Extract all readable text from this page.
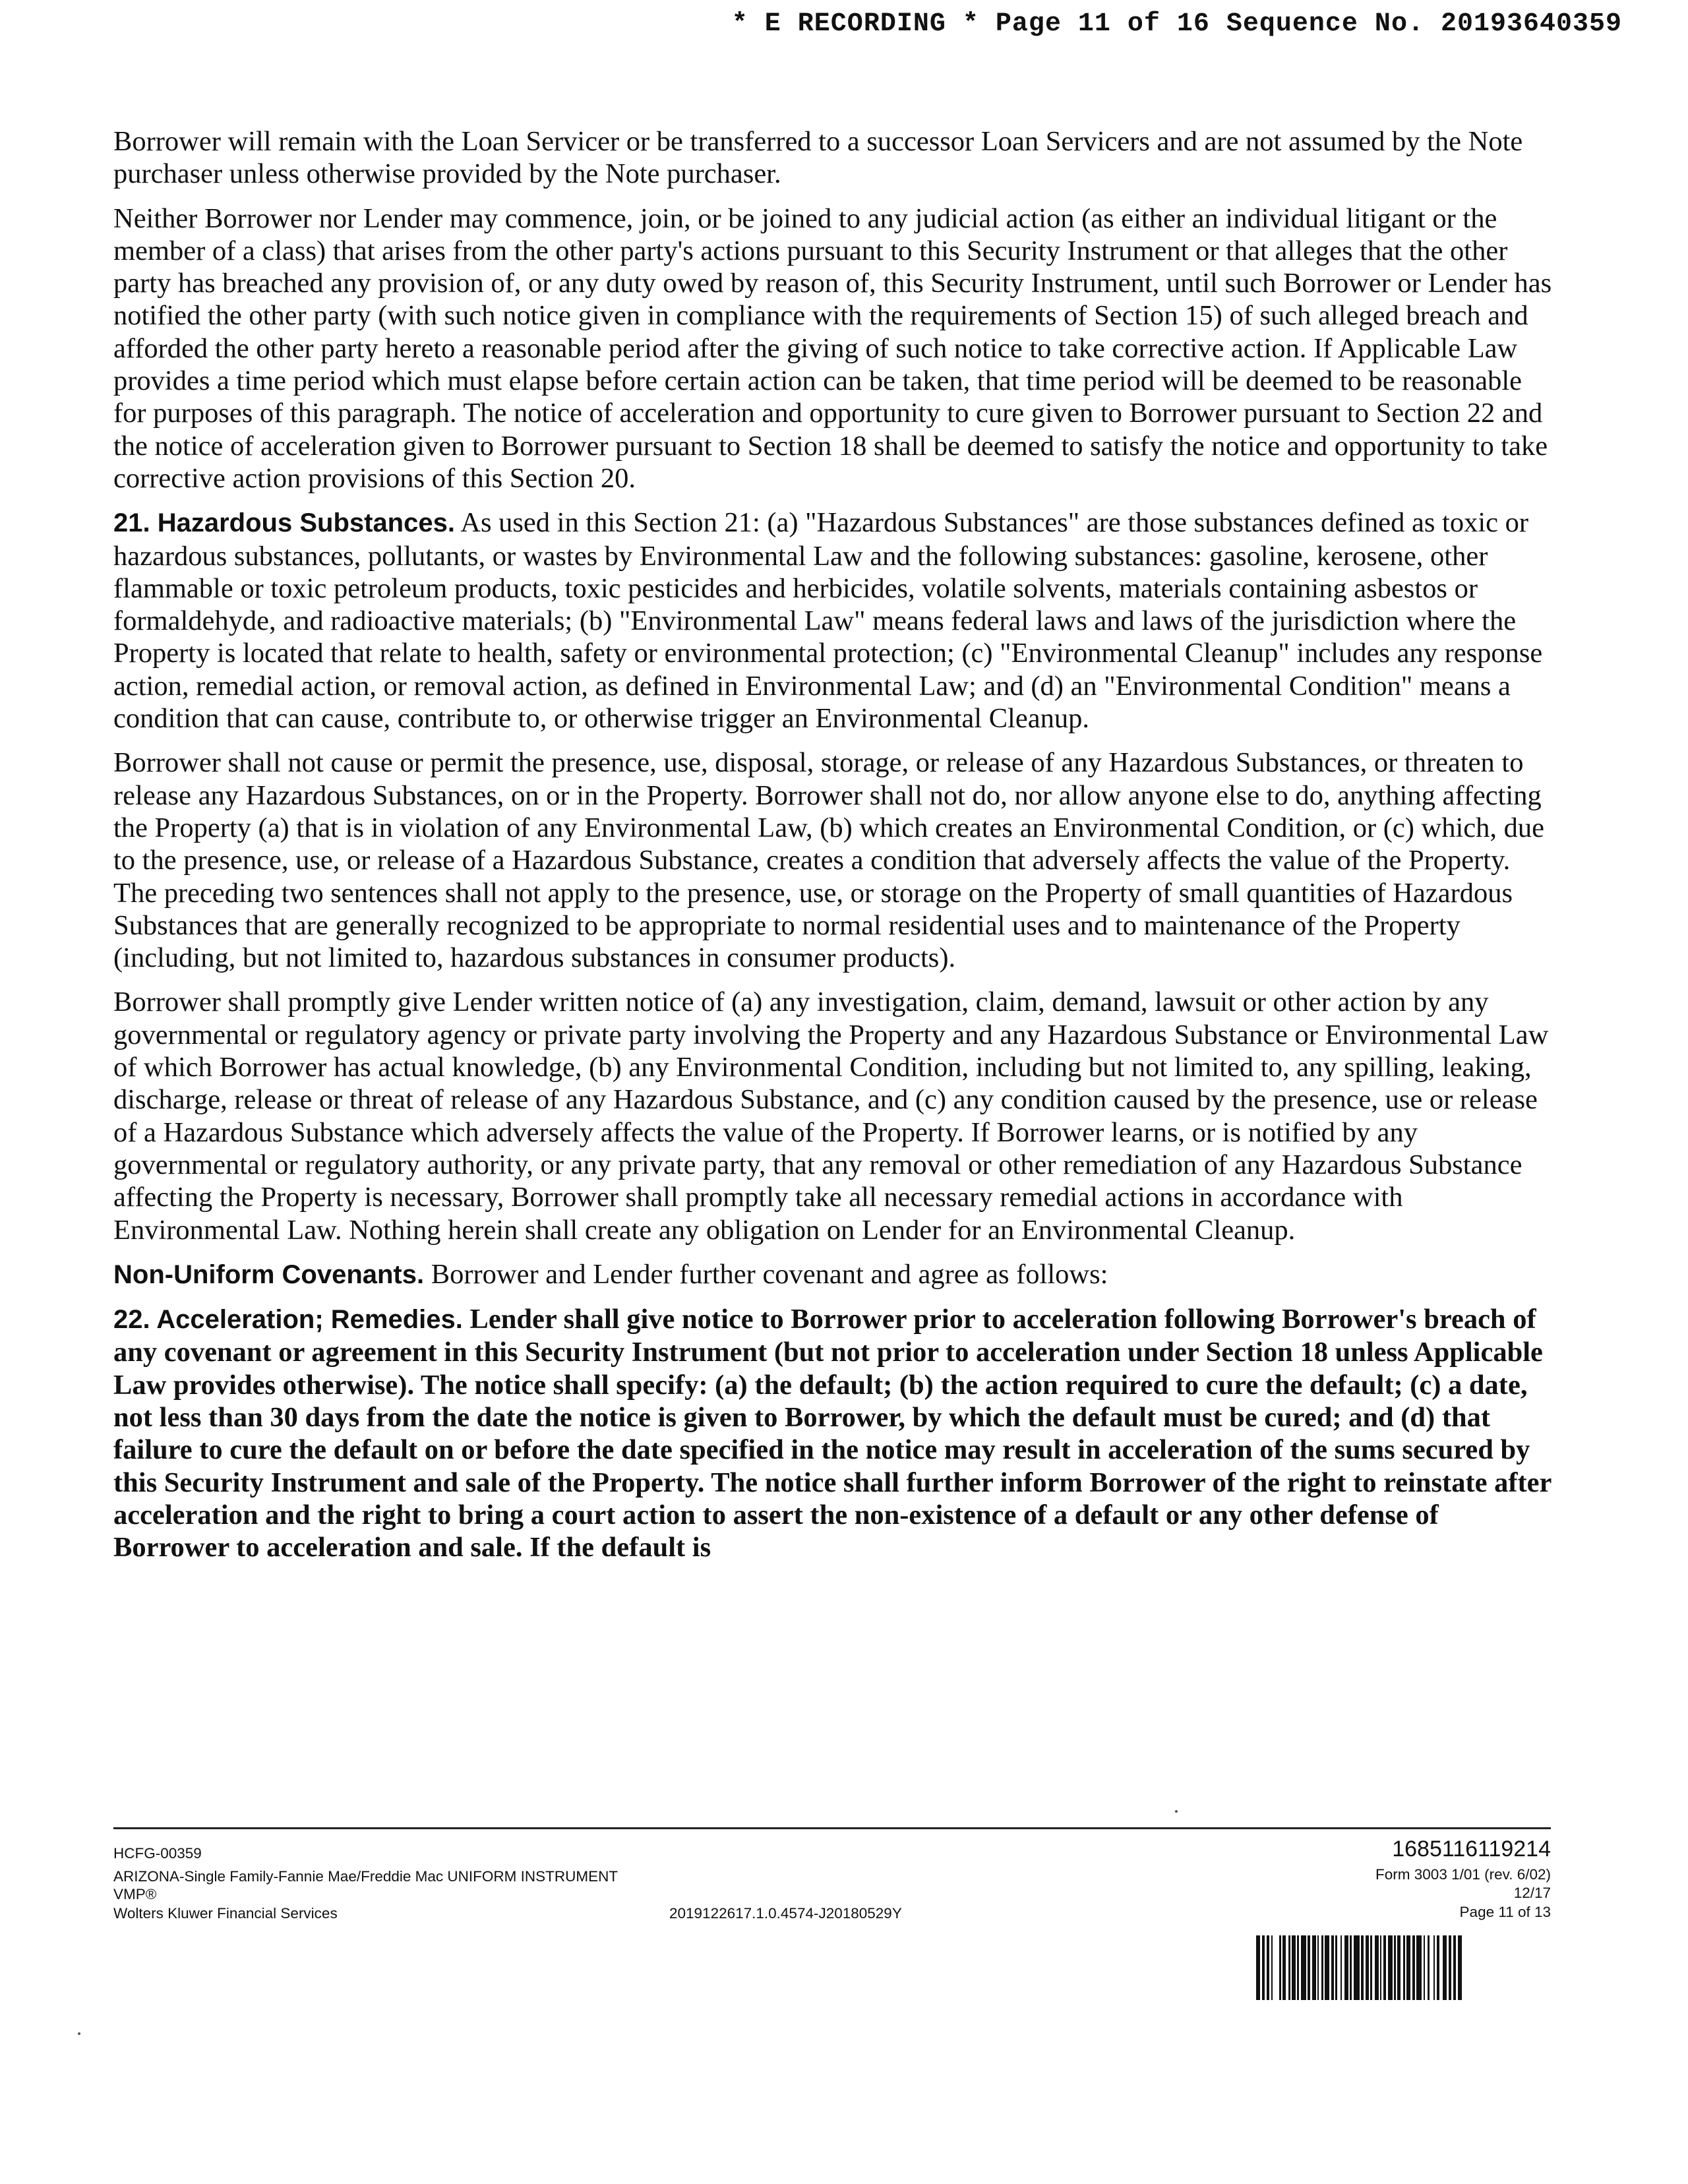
* E RECORDING * Page 11 of 16 Sequence No. 20193640359

Borrower will remain with the Loan Servicer or be transferred to a successor Loan Servicers and are not assumed by the Note purchaser unless otherwise provided by the Note purchaser.

Neither Borrower nor Lender may commence, join, or be joined to any judicial action (as either an individual litigant or the member of a class) that arises from the other party's actions pursuant to this Security Instrument or that alleges that the other party has breached any provision of, or any duty owed by reason of, this Security Instrument, until such Borrower or Lender has notified the other party (with such notice given in compliance with the requirements of Section 15) of such alleged breach and afforded the other party hereto a reasonable period after the giving of such notice to take corrective action. If Applicable Law provides a time period which must elapse before certain action can be taken, that time period will be deemed to be reasonable for purposes of this paragraph. The notice of acceleration and opportunity to cure given to Borrower pursuant to Section 22 and the notice of acceleration given to Borrower pursuant to Section 18 shall be deemed to satisfy the notice and opportunity to take corrective action provisions of this Section 20.

21. Hazardous Substances. As used in this Section 21: (a) "Hazardous Substances" are those substances defined as toxic or hazardous substances, pollutants, or wastes by Environmental Law and the following substances: gasoline, kerosene, other flammable or toxic petroleum products, toxic pesticides and herbicides, volatile solvents, materials containing asbestos or formaldehyde, and radioactive materials; (b) "Environmental Law" means federal laws and laws of the jurisdiction where the Property is located that relate to health, safety or environmental protection; (c) "Environmental Cleanup" includes any response action, remedial action, or removal action, as defined in Environmental Law; and (d) an "Environmental Condition" means a condition that can cause, contribute to, or otherwise trigger an Environmental Cleanup.

Borrower shall not cause or permit the presence, use, disposal, storage, or release of any Hazardous Substances, or threaten to release any Hazardous Substances, on or in the Property. Borrower shall not do, nor allow anyone else to do, anything affecting the Property (a) that is in violation of any Environmental Law, (b) which creates an Environmental Condition, or (c) which, due to the presence, use, or release of a Hazardous Substance, creates a condition that adversely affects the value of the Property. The preceding two sentences shall not apply to the presence, use, or storage on the Property of small quantities of Hazardous Substances that are generally recognized to be appropriate to normal residential uses and to maintenance of the Property (including, but not limited to, hazardous substances in consumer products).

Borrower shall promptly give Lender written notice of (a) any investigation, claim, demand, lawsuit or other action by any governmental or regulatory agency or private party involving the Property and any Hazardous Substance or Environmental Law of which Borrower has actual knowledge, (b) any Environmental Condition, including but not limited to, any spilling, leaking, discharge, release or threat of release of any Hazardous Substance, and (c) any condition caused by the presence, use or release of a Hazardous Substance which adversely affects the value of the Property. If Borrower learns, or is notified by any governmental or regulatory authority, or any private party, that any removal or other remediation of any Hazardous Substance affecting the Property is necessary, Borrower shall promptly take all necessary remedial actions in accordance with Environmental Law. Nothing herein shall create any obligation on Lender for an Environmental Cleanup.

Non-Uniform Covenants. Borrower and Lender further covenant and agree as follows:

22. Acceleration; Remedies. Lender shall give notice to Borrower prior to acceleration following Borrower's breach of any covenant or agreement in this Security Instrument (but not prior to acceleration under Section 18 unless Applicable Law provides otherwise). The notice shall specify: (a) the default; (b) the action required to cure the default; (c) a date, not less than 30 days from the date the notice is given to Borrower, by which the default must be cured; and (d) that failure to cure the default on or before the date specified in the notice may result in acceleration of the sums secured by this Security Instrument and sale of the Property. The notice shall further inform Borrower of the right to reinstate after acceleration and the right to bring a court action to assert the non-existence of a default or any other defense of Borrower to acceleration and sale. If the default is

HCFG-00359
ARIZONA-Single Family-Fannie Mae/Freddie Mac UNIFORM INSTRUMENT
VMP®
Wolters Kluwer Financial Services	2019122617.1.0.4574-J20180529Y
1685116119214
Form 3003 1/01 (rev. 6/02)
12/17
Page 11 of 13
